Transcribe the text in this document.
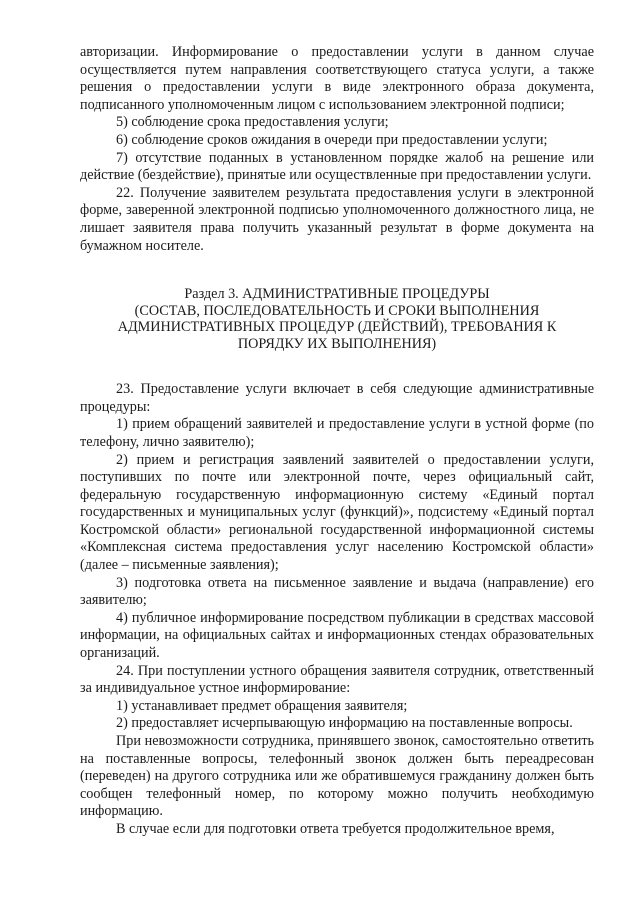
авторизации. Информирование о предоставлении услуги в данном случае осуществляется путем направления соответствующего статуса услуги, а также решения о предоставлении услуги в виде электронного образа документа, подписанного уполномоченным лицом с использованием электронной подписи;

5) соблюдение срока предоставления услуги;

6) соблюдение сроков ожидания в очереди при предоставлении услуги;

7) отсутствие поданных в установленном порядке жалоб на решение или действие (бездействие), принятые или осуществленные при предоставлении услуги.

22. Получение заявителем результата предоставления услуги в электронной форме, заверенной электронной подписью уполномоченного должностного лица, не лишает заявителя права получить указанный результат в форме документа на бумажном носителе.

Раздел 3. АДМИНИСТРАТИВНЫЕ ПРОЦЕДУРЫ
(СОСТАВ, ПОСЛЕДОВАТЕЛЬНОСТЬ И СРОКИ ВЫПОЛНЕНИЯ
АДМИНИСТРАТИВНЫХ ПРОЦЕДУР (ДЕЙСТВИЙ), ТРЕБОВАНИЯ К
ПОРЯДКУ ИХ ВЫПОЛНЕНИЯ)

23. Предоставление услуги включает в себя следующие административные процедуры:

1) прием обращений заявителей и предоставление услуги в устной форме (по телефону, лично заявителю);

2) прием и регистрация заявлений заявителей о предоставлении услуги, поступивших по почте или электронной почте, через официальный сайт, федеральную государственную информационную систему «Единый портал государственных и муниципальных услуг (функций)», подсистему «Единый портал Костромской области» региональной государственной информационной системы «Комплексная система предоставления услуг населению Костромской области» (далее – письменные заявления);

3) подготовка ответа на письменное заявление и выдача (направление) его заявителю;

4) публичное информирование посредством публикации в средствах массовой информации, на официальных сайтах и информационных стендах образовательных организаций.

24. При поступлении устного обращения заявителя сотрудник, ответственный за индивидуальное устное информирование:

1) устанавливает предмет обращения заявителя;

2) предоставляет исчерпывающую информацию на поставленные вопросы.

При невозможности сотрудника, принявшего звонок, самостоятельно ответить на поставленные вопросы, телефонный звонок должен быть переадресован (переведен) на другого сотрудника или же обратившемуся гражданину должен быть сообщен телефонный номер, по которому можно получить необходимую информацию.

В случае если для подготовки ответа требуется продолжительное время,
